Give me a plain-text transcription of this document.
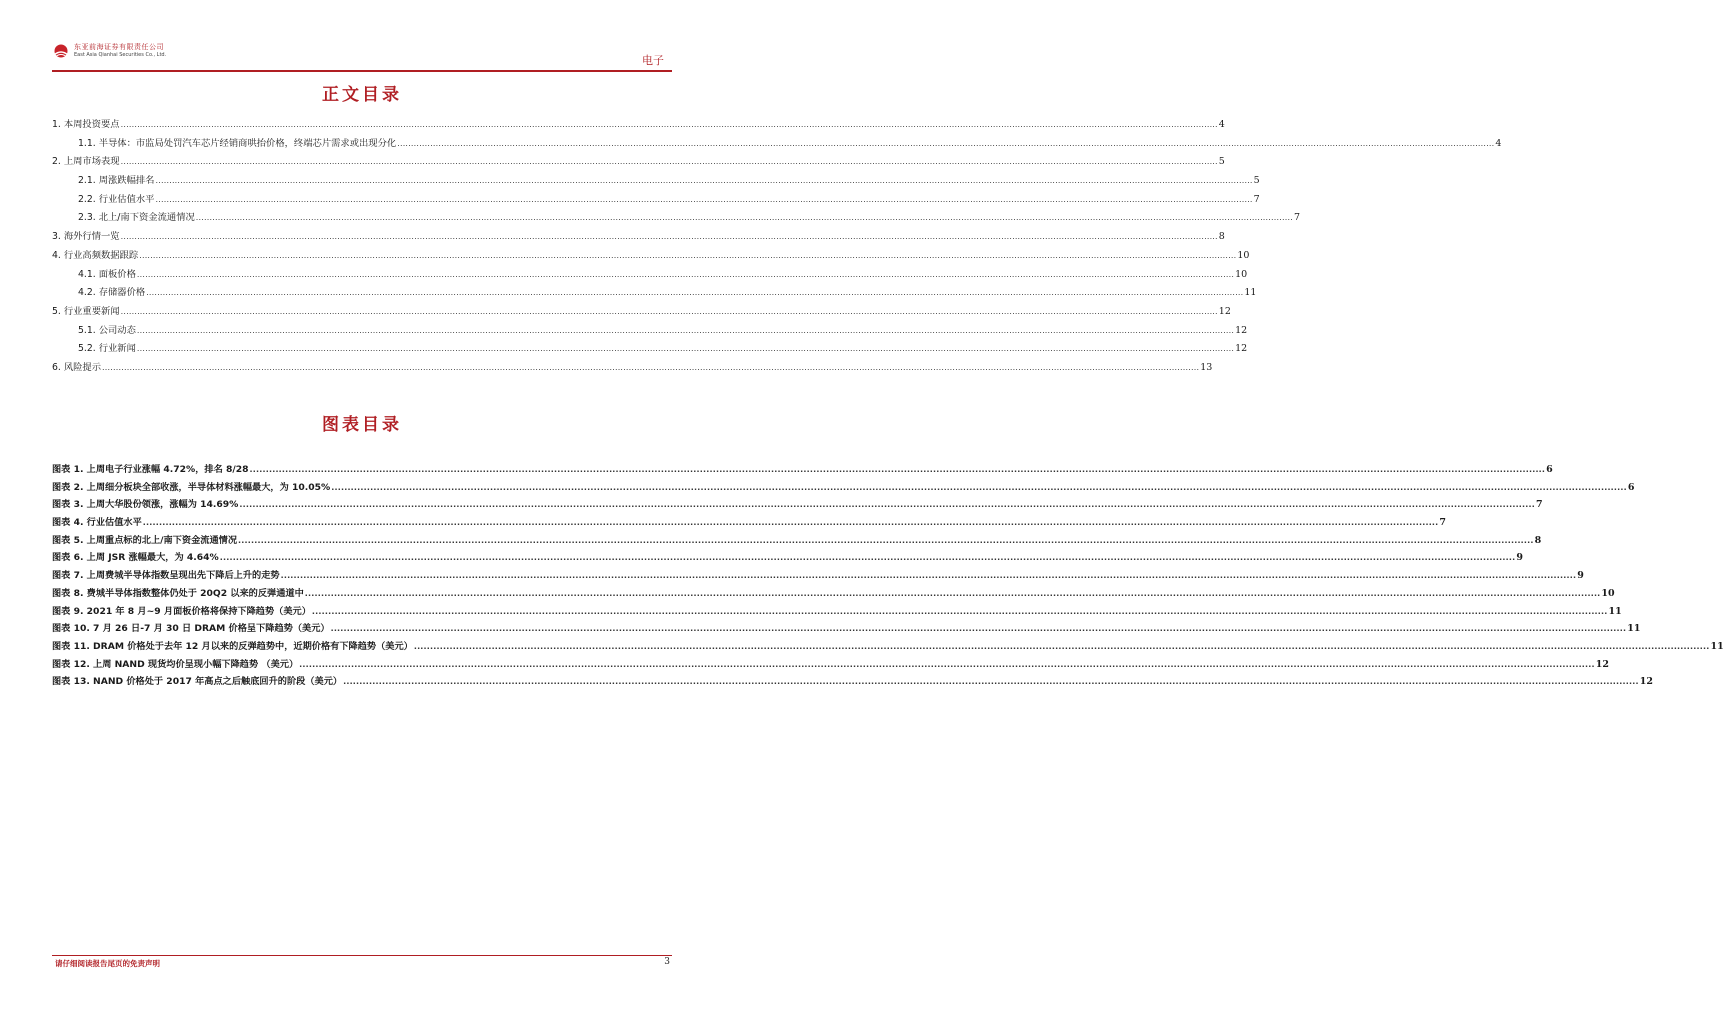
东亚前海证券有限责任公司
East Asia Qianhai Securities Co., Ltd.	电子
正文目录
1. 本周投资要点 ................................................................................................................................................................................................................................................................................................................................................................................................................ 4
1.1. 半导体：市监局处罚汽车芯片经销商哄抬价格，终端芯片需求或出现分化 ................................................................................................................................................................................................................................................................................................................................................................................................................ 4
2. 上周市场表现 ................................................................................................................................................................................................................................................................................................................................................................................................................ 5
2.1. 周涨跌幅排名 ................................................................................................................................................................................................................................................................................................................................................................................................................ 5
2.2. 行业估值水平 ................................................................................................................................................................................................................................................................................................................................................................................................................ 7
2.3. 北上/南下资金流通情况 ................................................................................................................................................................................................................................................................................................................................................................................................................ 7
3. 海外行情一览 ................................................................................................................................................................................................................................................................................................................................................................................................................ 8
4. 行业高频数据跟踪 ................................................................................................................................................................................................................................................................................................................................................................................................................ 10
4.1. 面板价格 ................................................................................................................................................................................................................................................................................................................................................................................................................ 10
4.2. 存储器价格 ................................................................................................................................................................................................................................................................................................................................................................................................................ 11
5. 行业重要新闻 ................................................................................................................................................................................................................................................................................................................................................................................................................ 12
5.1. 公司动态 ................................................................................................................................................................................................................................................................................................................................................................................................................ 12
5.2. 行业新闻 ................................................................................................................................................................................................................................................................................................................................................................................................................ 12
6. 风险提示 ................................................................................................................................................................................................................................................................................................................................................................................................................ 13
图表目录
图表 1. 上周电子行业涨幅 4.72%，排名 8/28 ................................................................................................................................................................................................................................................................................................................................................................................................................ 6
图表 2. 上周细分板块全部收涨，半导体材料涨幅最大，为 10.05% ................................................................................................................................................................................................................................................................................................................................................................................................................ 6
图表 3. 上周大华股份领涨，涨幅为 14.69% ................................................................................................................................................................................................................................................................................................................................................................................................................ 7
图表 4. 行业估值水平 ................................................................................................................................................................................................................................................................................................................................................................................................................ 7
图表 5. 上周重点标的北上/南下资金流通情况 ................................................................................................................................................................................................................................................................................................................................................................................................................ 8
图表 6. 上周 JSR 涨幅最大，为 4.64% ................................................................................................................................................................................................................................................................................................................................................................................................................ 9
图表 7. 上周费城半导体指数呈现出先下降后上升的走势 ................................................................................................................................................................................................................................................................................................................................................................................................................ 9
图表 8. 费城半导体指数整体仍处于 20Q2 以来的反弹通道中 ................................................................................................................................................................................................................................................................................................................................................................................................................ 10
图表 9. 2021 年 8 月~9 月面板价格将保持下降趋势（美元） ................................................................................................................................................................................................................................................................................................................................................................................................................ 11
图表 10. 7 月 26 日-7 月 30 日 DRAM 价格呈下降趋势（美元） ................................................................................................................................................................................................................................................................................................................................................................................................................ 11
图表 11. DRAM 价格处于去年 12 月以来的反弹趋势中，近期价格有下降趋势（美元） ................................................................................................................................................................................................................................................................................................................................................................................................................ 11
图表 12. 上周 NAND 现货均价呈现小幅下降趋势 （美元） ................................................................................................................................................................................................................................................................................................................................................................................................................ 12
图表 13. NAND 价格处于 2017 年高点之后触底回升的阶段（美元） ................................................................................................................................................................................................................................................................................................................................................................................................................ 12
请仔细阅读报告尾页的免责声明	3
